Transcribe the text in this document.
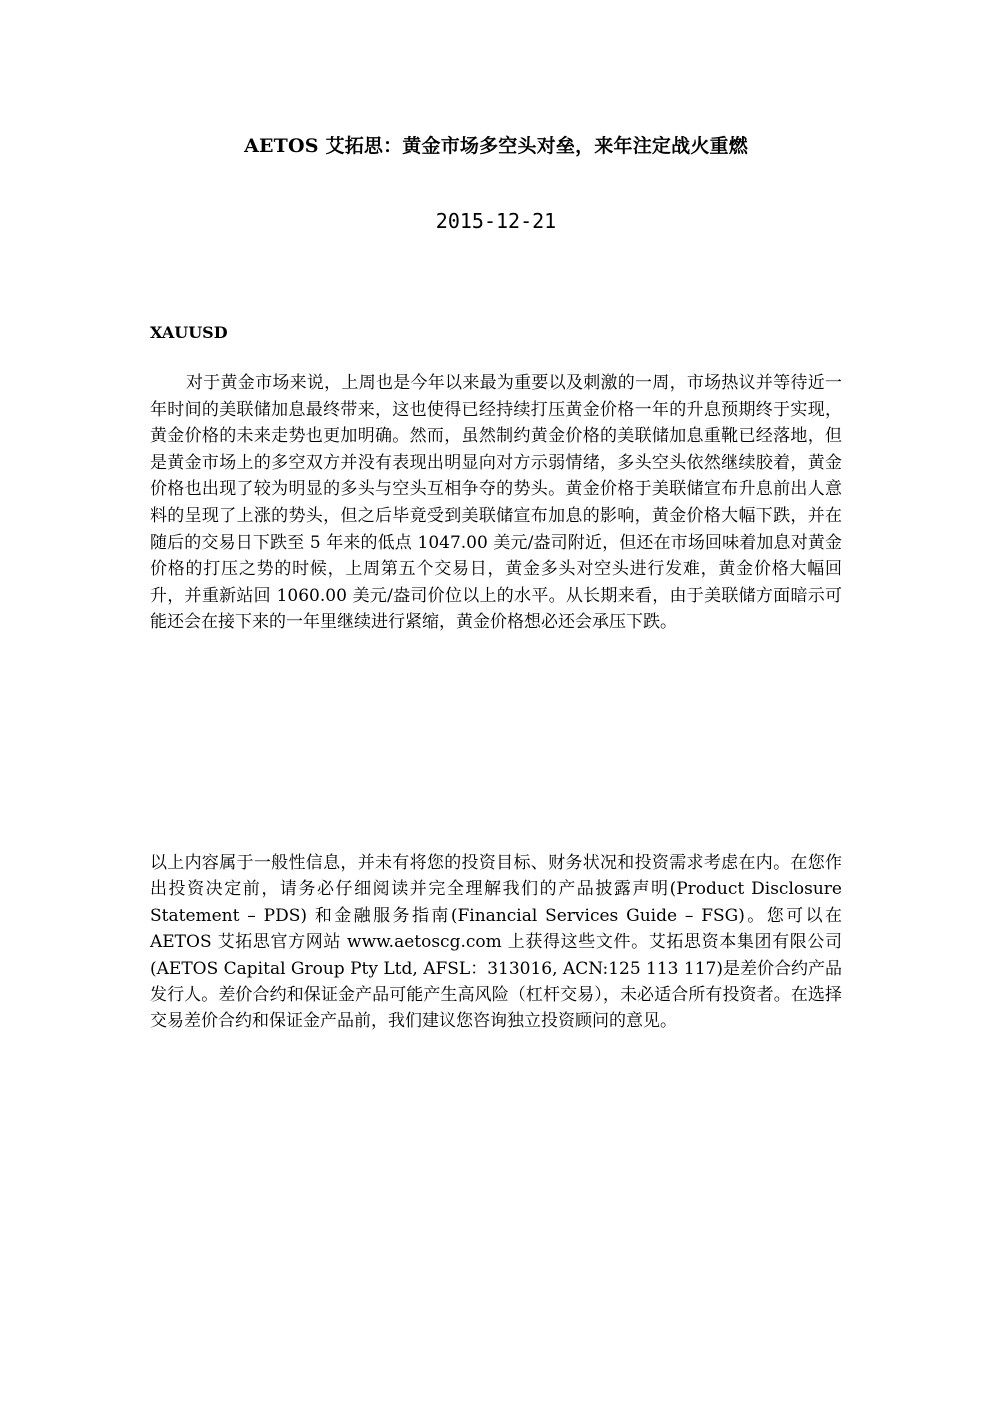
AETOS 艾拓思：黄金市场多空头对垒，来年注定战火重燃
2015-12-21
XAUUSD

对于黄金市场来说，上周也是今年以来最为重要以及刺激的一周，市场热议并等待近一年时间的美联储加息最终带来，这也使得已经持续打压黄金价格一年的升息预期终于实现，黄金价格的未来走势也更加明确。然而，虽然制约黄金价格的美联储加息重靴已经落地，但是黄金市场上的多空双方并没有表现出明显向对方示弱情绪，多头空头依然继续胶着，黄金价格也出现了较为明显的多头与空头互相争夺的势头。黄金价格于美联储宣布升息前出人意料的呈现了上涨的势头，但之后毕竟受到美联储宣布加息的影响，黄金价格大幅下跌，并在随后的交易日下跌至 5 年来的低点 1047.00 美元/盎司附近，但还在市场回味着加息对黄金价格的打压之势的时候，上周第五个交易日，黄金多头对空头进行发难，黄金价格大幅回升，并重新站回 1060.00 美元/盎司价位以上的水平。从长期来看，由于美联储方面暗示可能还会在接下来的一年里继续进行紧缩，黄金价格想必还会承压下跌。

以上内容属于一般性信息，并未有将您的投资目标、财务状况和投资需求考虑在内。在您作出投资决定前，请务必仔细阅读并完全理解我们的产品披露声明(Product Disclosure Statement – PDS) 和金融服务指南(Financial Services Guide – FSG)。您可以在 AETOS 艾拓思官方网站 www.aetoscg.com 上获得这些文件。艾拓思资本集团有限公司(AETOS Capital Group Pty Ltd, AFSL：313016, ACN:125 113 117)是差价合约产品发行人。差价合约和保证金产品可能产生高风险（杠杆交易），未必适合所有投资者。在选择交易差价合约和保证金产品前，我们建议您咨询独立投资顾问的意见。
